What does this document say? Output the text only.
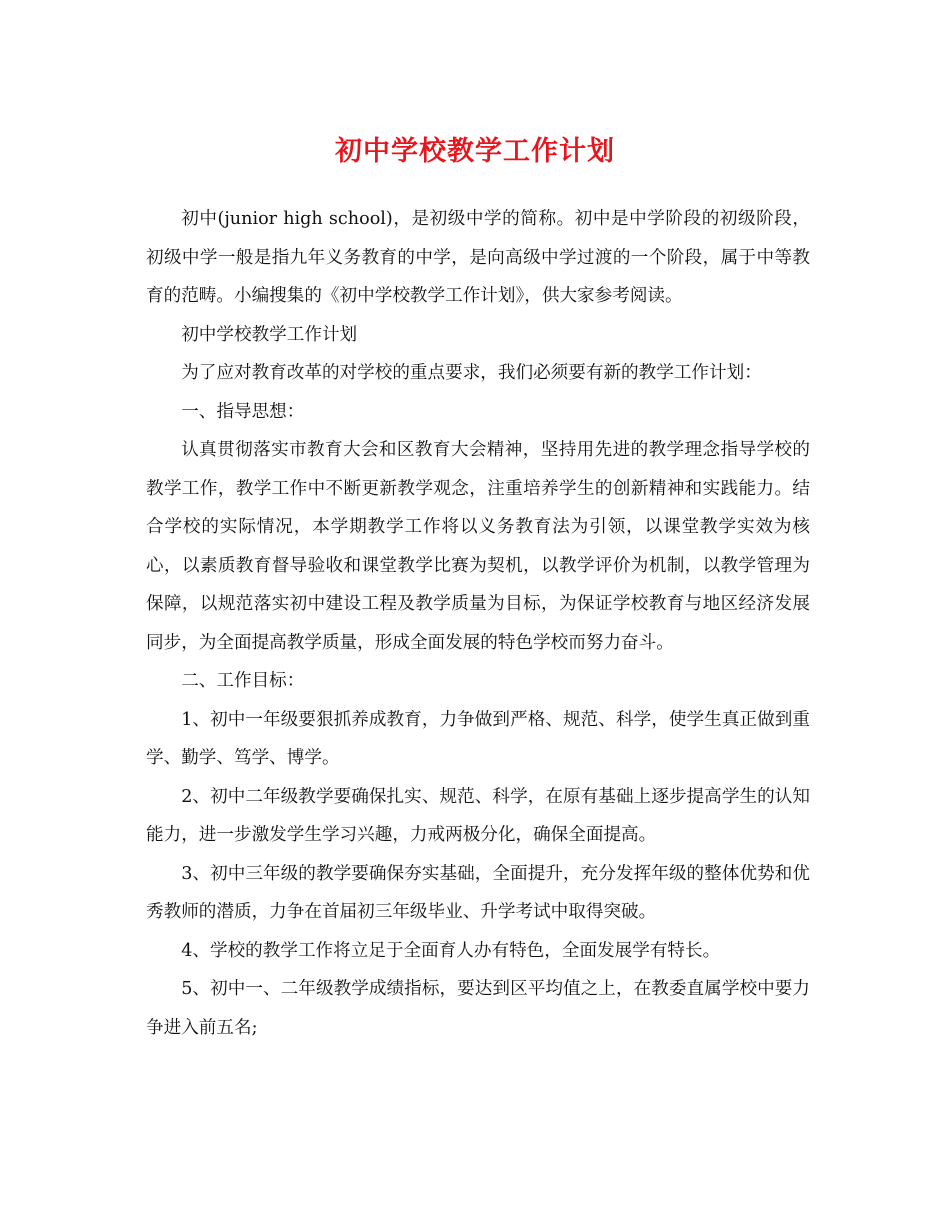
初中学校教学工作计划

初中(junior high school)，是初级中学的简称。初中是中学阶段的初级阶段，初级中学一般是指九年义务教育的中学，是向高级中学过渡的一个阶段，属于中等教育的范畴。小编搜集的《初中学校教学工作计划》，供大家参考阅读。

初中学校教学工作计划

为了应对教育改革的对学校的重点要求，我们必须要有新的教学工作计划：

一、指导思想：

认真贯彻落实市教育大会和区教育大会精神，坚持用先进的教学理念指导学校的教学工作，教学工作中不断更新教学观念，注重培养学生的创新精神和实践能力。结合学校的实际情况，本学期教学工作将以义务教育法为引领，以课堂教学实效为核心，以素质教育督导验收和课堂教学比赛为契机，以教学评价为机制，以教学管理为保障，以规范落实初中建设工程及教学质量为目标，为保证学校教育与地区经济发展同步，为全面提高教学质量，形成全面发展的特色学校而努力奋斗。

二、工作目标：

1、初中一年级要狠抓养成教育，力争做到严格、规范、科学，使学生真正做到重学、勤学、笃学、博学。

2、初中二年级教学要确保扎实、规范、科学，在原有基础上逐步提高学生的认知能力，进一步激发学生学习兴趣，力戒两极分化，确保全面提高。

3、初中三年级的教学要确保夯实基础，全面提升，充分发挥年级的整体优势和优秀教师的潜质，力争在首届初三年级毕业、升学考试中取得突破。

4、学校的教学工作将立足于全面育人办有特色，全面发展学有特长。

5、初中一、二年级教学成绩指标，要达到区平均值之上，在教委直属学校中要力争进入前五名;
